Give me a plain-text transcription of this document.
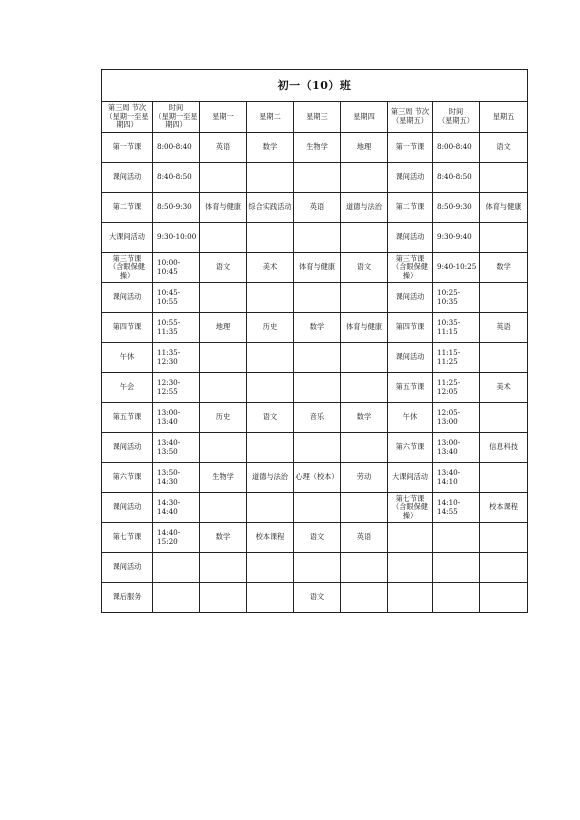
初一（10）班								

第三周 节次
（星期一至星
期四）	时间
（星期一至星
期四）	星期一	星期二	星期三	星期四	第三周 节次
（星期五）	时间
（星期五）	星期五

第一节课	8:00-8:40	英语	数学	生物学	地理	第一节课	8:00-8:40	语文

课间活动	8:40-8:50					课间活动	8:40-8:50	

第二节课	8:50-9:30	体育与健康	综合实践活动	英语	道德与法治	第二节课	8:50-9:30	体育与健康

大课间活动	9:30-10:00					课间活动	9:30-9:40	

第三节课
（含眼保健
操）	10:00-10:45	语文	美术	体育与健康	语文	第三节课
（含眼保健
操）	9:40-10:25	数学

课间活动	10:45-10:55					课间活动	10:25-10:35	

第四节课	10:55-11:35	地理	历史	数学	体育与健康	第四节课	10:35-11:15	英语

午休	11:35-12:30					课间活动	11:15-11:25	

午会	12:30-12:55					第五节课	11:25-12:05	美术

第五节课	13:00-13:40	历史	语文	音乐	数学	午休	12:05-13:00	

课间活动	13:40-13:50					第六节课	13:00-13:40	信息科技

第六节课	13:50-14:30	生物学	道德与法治	心理（校本）	劳动	大课间活动	13:40-14:10	

课间活动	14:30-14:40					第七节课
（含眼保健
操）	14:10-14:55	校本课程

第七节课	14:40-15:20	数学	校本课程	语文	英语			

课间活动								

课后服务				语文				
